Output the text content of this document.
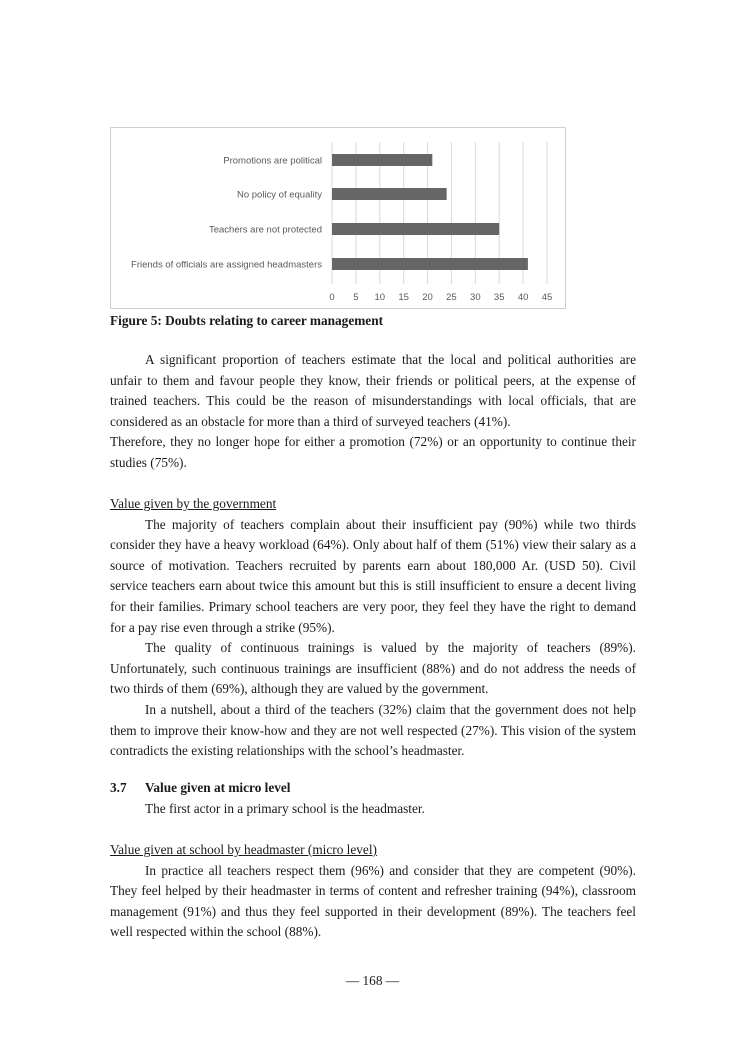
Promotions are political
No policy of equality
Teachers are not protected
Friends of officials are assigned headmasters
0 5 10 15 20 25 30 35 40 45
Figure 5: Doubts relating to career management

A significant proportion of teachers estimate that the local and political authorities are unfair to them and favour people they know, their friends or political peers, at the expense of trained teachers. This could be the reason of misunderstandings with local officials, that are considered as an obstacle for more than a third of surveyed teachers (41%).

Therefore, they no longer hope for either a promotion (72%) or an opportunity to continue their studies (75%).

Value given by the government

The majority of teachers complain about their insufficient pay (90%) while two thirds consider they have a heavy workload (64%). Only about half of them (51%) view their salary as a source of motivation. Teachers recruited by parents earn about 180,000 Ar. (USD 50). Civil service teachers earn about twice this amount but this is still insufficient to ensure a decent living for their families. Primary school teachers are very poor, they feel they have the right to demand for a pay rise even through a strike (95%).

The quality of continuous trainings is valued by the majority of teachers (89%). Unfortunately, such continuous trainings are insufficient (88%) and do not address the needs of two thirds of them (69%), although they are valued by the government.

In a nutshell, about a third of the teachers (32%) claim that the government does not help them to improve their know-how and they are not well respected (27%). This vision of the system contradicts the existing relationships with the school’s headmaster.

3.7 Value given at micro level

The first actor in a primary school is the headmaster.

Value given at school by headmaster (micro level)

In practice all teachers respect them (96%) and consider that they are competent (90%). They feel helped by their headmaster in terms of content and refresher training (94%), classroom management (91%) and thus they feel supported in their development (89%). The teachers feel well respected within the school (88%).

— 168 —
